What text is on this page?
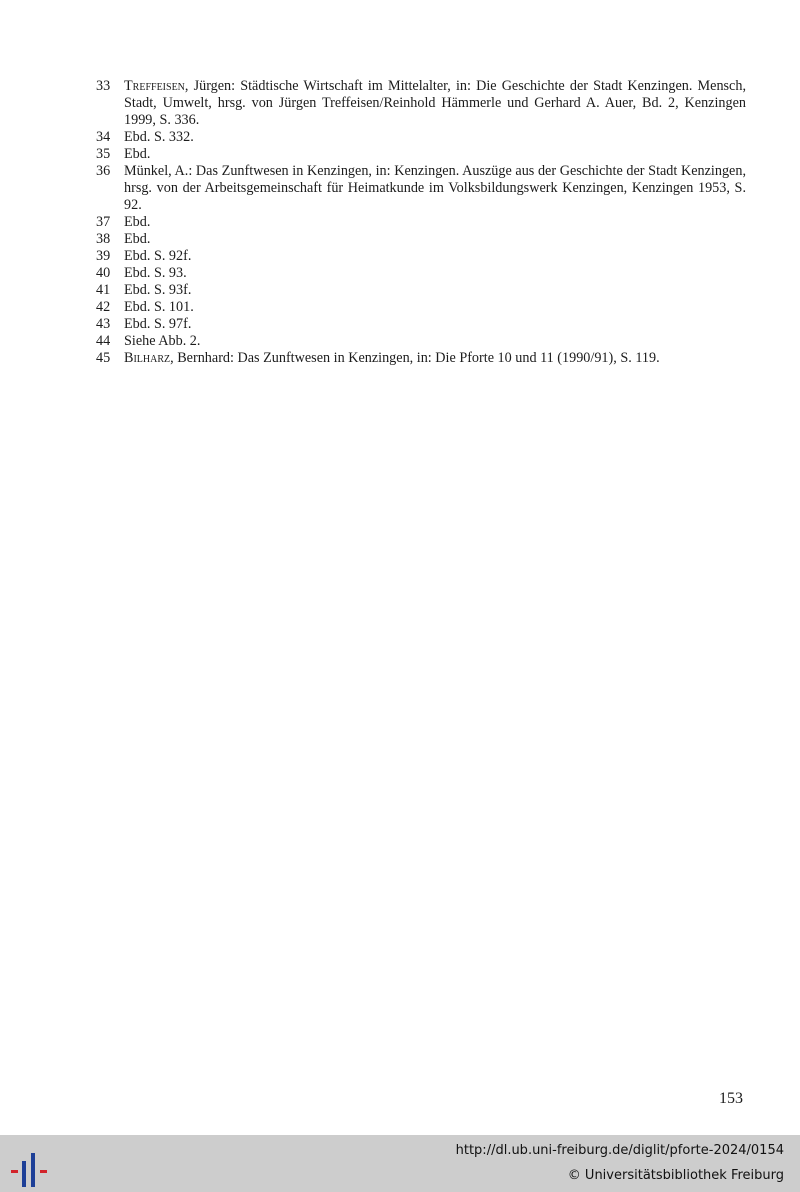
33 Treffeisen, Jürgen: Städtische Wirtschaft im Mittelalter, in: Die Geschichte der Stadt Kenzingen. Mensch, Stadt, Umwelt, hrsg. von Jürgen Treffeisen/Reinhold Hämmerle und Gerhard A. Auer, Bd. 2, Kenzingen 1999, S. 336.
34 Ebd. S. 332.
35 Ebd.
36 Münkel, A.: Das Zunftwesen in Kenzingen, in: Kenzingen. Auszüge aus der Geschichte der Stadt Kenzingen, hrsg. von der Arbeitsgemeinschaft für Heimatkunde im Volksbildungswerk Kenzingen, Kenzingen 1953, S. 92.
37 Ebd.
38 Ebd.
39 Ebd. S. 92f.
40 Ebd. S. 93.
41 Ebd. S. 93f.
42 Ebd. S. 101.
43 Ebd. S. 97f.
44 Siehe Abb. 2.
45 Bilharz, Bernhard: Das Zunftwesen in Kenzingen, in: Die Pforte 10 und 11 (1990/91), S. 119.
153
http://dl.ub.uni-freiburg.de/diglit/pforte-2024/0154
© Universitätsbibliothek Freiburg
